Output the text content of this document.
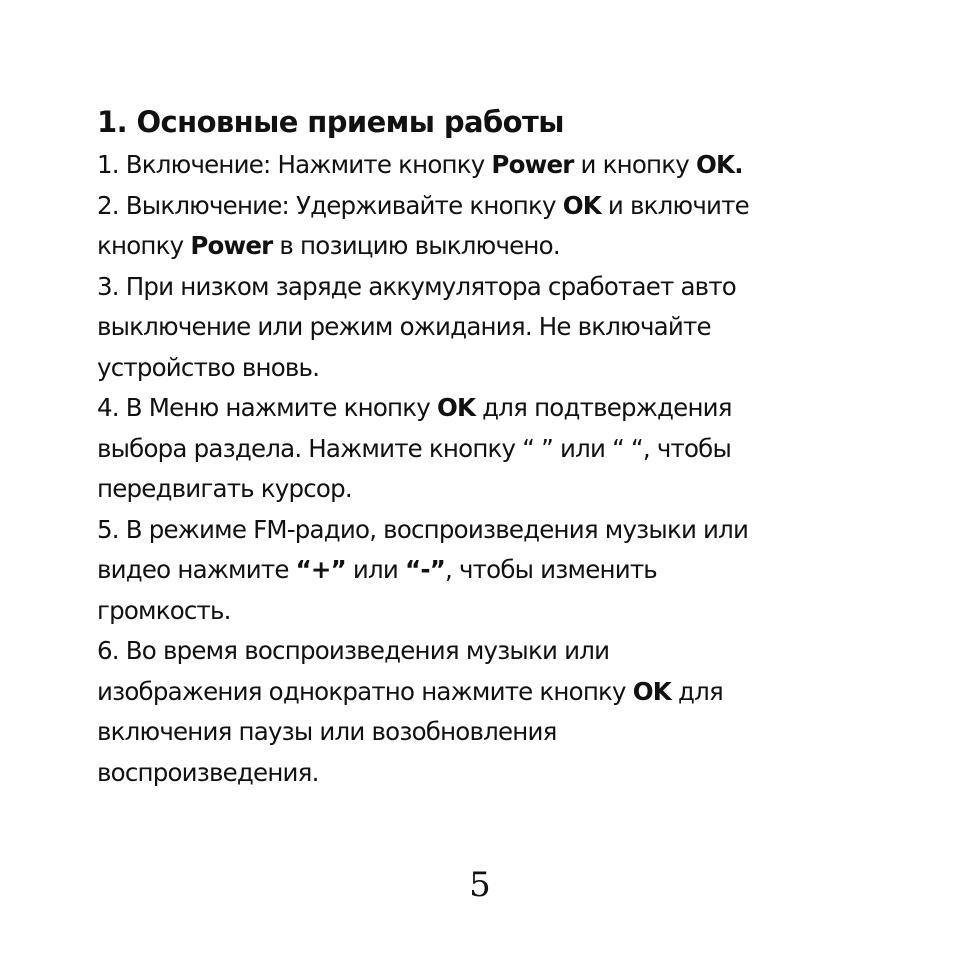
1. Основные приемы работы

1. Включение: Нажмите кнопку Power и кнопку OK.

2. Выключение: Удерживайте кнопку OK и включите
кнопку Power в позицию выключено.

3. При низком заряде аккумулятора сработает авто
выключение или режим ожидания. Не включайте
устройство вновь.

4. В Меню нажмите кнопку OK для подтверждения
выбора раздела. Нажмите кнопку “ ” или “ “, чтобы
передвигать курсор.

5. В режиме FM-радио, воспроизведения музыки или
видео нажмите “+” или “-”, чтобы изменить
громкость.

6. Во время воспроизведения музыки или
изображения однократно нажмите кнопку OK для
включения паузы или возобновления
воспроизведения.

5
